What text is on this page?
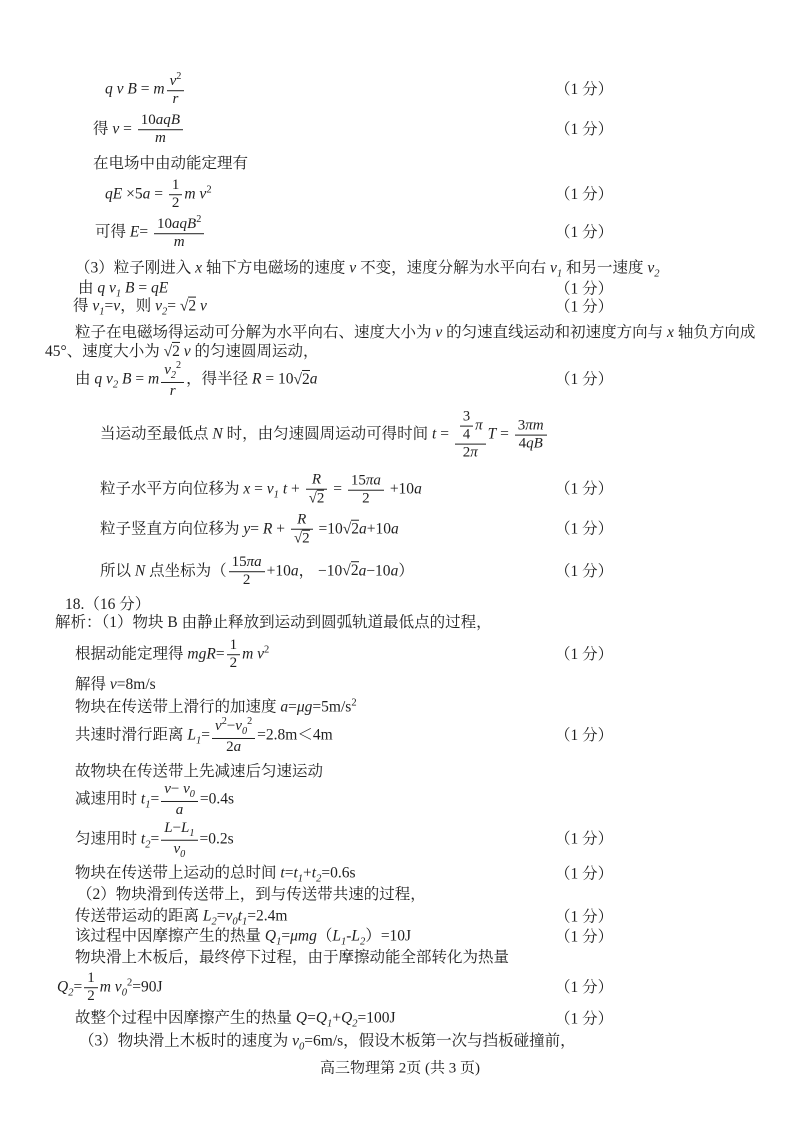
q v B = m $\frac{v^2}{r}$	（1 分）
得 v =
10aqB
m
（1 分）
在电场中由动能定理有
qE $\times 5a = \frac{1}{2}$ m $v^2$	（1 分）
可得 E= 10aqB$^2$
m
（1 分）
（3）粒子刚进入 x 轴下方电磁场的速度 v 不变，速度分解为水平向右 $v_1$ 和另一速度 $v_2$
由 q $v_1$ B = qE	（1 分）
得 $v_1=v$，则 $v_2= √2$ v	（1 分）
粒子在电磁场得运动可分解为水平向右、速度大小为 v 的匀速直线运动和初速度方向与 x 轴负方向成
45°、速度大小为 √2 v 的匀速圆周运动，
由 q $v_2$ B = m $\frac{v_2^2}{r}$ ，得半径 R = 10√2a	（1 分）
当运动至最低点 N 时，由匀速圆周运动可得时间 $t = \frac{\frac{3}{4} \pi}{2\pi}$ $T = \frac{3\pi m}{4qB}$
粒子水平方向位移为 $x = v_1$ $t + \frac{R}{√2} = \frac{15\pi a}{2} +10a$	（1 分）
粒子竖直方向位移为 $y= R + \frac{R}{√2} =10√2a+10a$	（1 分）
所以 N 点坐标为（ $\frac{15\pi a}{2} +10a$， −10√2a−10a）	（1 分）
18.（16 分）
解析：（1）物块 B 由静止释放到运动到圆弧轨道最低点的过程，
根据动能定理得 $mgR= \frac{1}{2}$ m $v^2$	（1 分）
解得 v=8m/s
物块在传送带上滑行的加速度 $a=\mu g=5m/s^2$
共速时滑行距离 $L_1= \frac{v^2-v_0^2}{2a} =2.8m<4m$	（1 分）
故物块在传送带上先减速后匀速运动
减速用时 $t_1= \frac{v- v_0}{a} =0.4s$
匀速用时 $t_2= \frac{L-L_1}{v_0} =0.2s$	（1 分）
物块在传送带上运动的总时间 $t=t_1+t_2=0.6s$	（1 分）
（2）物块滑到传送带上，到与传送带共速的过程，
传送带运动的距离 $L_2=v_0t_1=2.4m$	（1 分）
该过程中因摩擦产生的热量 $Q_1=\mu mg(L_1-L_2)=10J$	（1 分）
物块滑上木板后，最终停下过程，由于摩擦动能全部转化为热量
$Q_2= \frac{1}{2}$ m $v_0^2=90J$	（1 分）
故整个过程中因摩擦产生的热量 $Q=Q_1+Q_2=100J$	（1 分）
（3）物块滑上木板时的速度为 $v_0=6m/s$，假设木板第一次与挡板碰撞前，
高三物理第 2页 (共 3 页)
